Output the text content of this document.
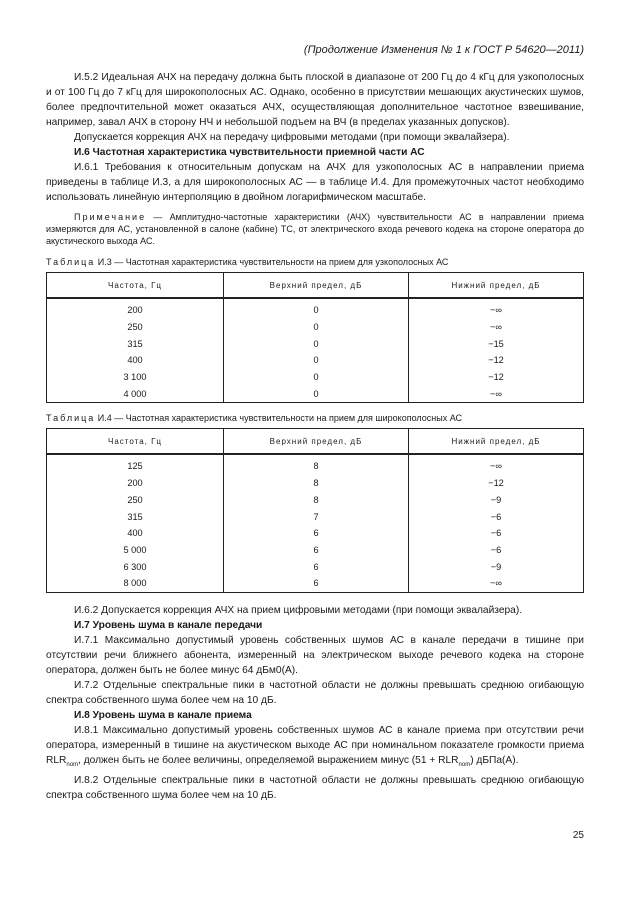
(Продолжение Изменения № 1 к ГОСТ Р 54620—2011)

И.5.2 Идеальная АЧХ на передачу должна быть плоской в диапазоне от 200 Гц до 4 кГц для узкополосных и от 100 Гц до 7 кГц для широкополосных АС. Однако, особенно в присутствии мешающих акустических шумов, более предпочтительной может оказаться АЧХ, осуществляющая дополнительное частотное взвешивание, например, завал АЧХ в сторону НЧ и небольшой подъем на ВЧ (в пределах указанных допусков).

Допускается коррекция АЧХ на передачу цифровыми методами (при помощи эквалайзера).

И.6 Частотная характеристика чувствительности приемной части АС

И.6.1 Требования к относительным допускам на АЧХ для узкополосных АС в направлении приема приведены в таблице И.3, а для широкополосных АС — в таблице И.4. Для промежуточных частот необходимо использовать линейную интерполяцию в двойном логарифмическом масштабе.

Примечание — Амплитудно-частотные характеристики (АЧХ) чувствительности АС в направлении приема измеряются для АС, установленной в салоне (кабине) ТС, от электрического входа речевого кодека на стороне оператора до акустического выхода АС.

Таблица И.3 — Частотная характеристика чувствительности на прием для узкополосных АС
Частота, Гц	Верхний предел, дБ	Нижний предел, дБ
200	0	−∞
250	0	−∞
315	0	−15
400	0	−12
3 100	0	−12
4 000	0	−∞
Таблица И.4 — Частотная характеристика чувствительности на прием для широкополосных АС
Частота, Гц	Верхний предел, дБ	Нижний предел, дБ
125	8	−∞
200	8	−12
250	8	−9
315	7	−6
400	6	−6
5 000	6	−6
6 300	6	−9
8 000	6	−∞

И.6.2 Допускается коррекция АЧХ на прием цифровыми методами (при помощи эквалайзера).

И.7 Уровень шума в канале передачи

И.7.1 Максимально допустимый уровень собственных шумов АС в канале передачи в тишине при отсутствии речи ближнего абонента, измеренный на электрическом выходе речевого кодека на стороне оператора, должен быть не более минус 64 дБм0(А).

И.7.2 Отдельные спектральные пики в частотной области не должны превышать среднюю огибающую спектра собственного шума более чем на 10 дБ.

И.8 Уровень шума в канале приема

И.8.1 Максимально допустимый уровень собственных шумов АС в канале приема при отсутствии речи оператора, измеренный в тишине на акустическом выходе АС при номинальном показателе громкости приема $RLR_{nom}$, должен быть не более величины, определяемой выражением минус $(51 + RLR_{nom})$ дБПа(А).

И.8.2 Отдельные спектральные пики в частотной области не должны превышать среднюю огибающую спектра собственного шума более чем на 10 дБ.

25
